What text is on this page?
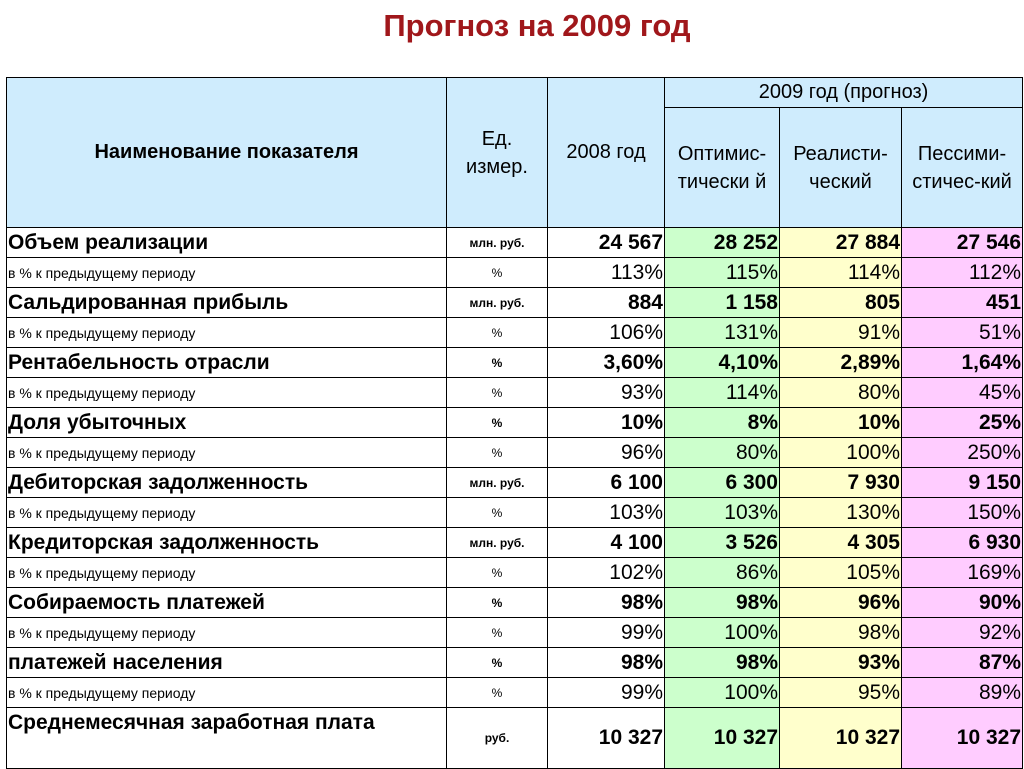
Прогноз на 2009 год
Наименование показателя	Ед. измер.	2008 год	2009 год (прогноз)		
			Оптимис-тически й	Реалисти-ческий	Пессими-стичес-кий
Объем реализации	млн. руб.	24 567	28 252	27 884	27 546
в % к предыдущему периоду	%	113%	115%	114%	112%
Сальдированная прибыль	млн. руб.	884	1 158	805	451
в % к предыдущему периоду	%	106%	131%	91%	51%
Рентабельность отрасли	%	3,60%	4,10%	2,89%	1,64%
в % к предыдущему периоду	%	93%	114%	80%	45%
Доля убыточных	%	10%	8%	10%	25%
в % к предыдущему периоду	%	96%	80%	100%	250%
Дебиторская задолженность	млн. руб.	6 100	6 300	7 930	9 150
в % к предыдущему периоду	%	103%	103%	130%	150%
Кредиторская задолженность	млн. руб.	4 100	3 526	4 305	6 930
в % к предыдущему периоду	%	102%	86%	105%	169%
Собираемость платежей	%	98%	98%	96%	90%
в % к предыдущему периоду	%	99%	100%	98%	92%
платежей населения	%	98%	98%	93%	87%
в % к предыдущему периоду	%	99%	100%	95%	89%
Среднемесячная заработная плата	руб.	10 327	10 327	10 327	10 327
